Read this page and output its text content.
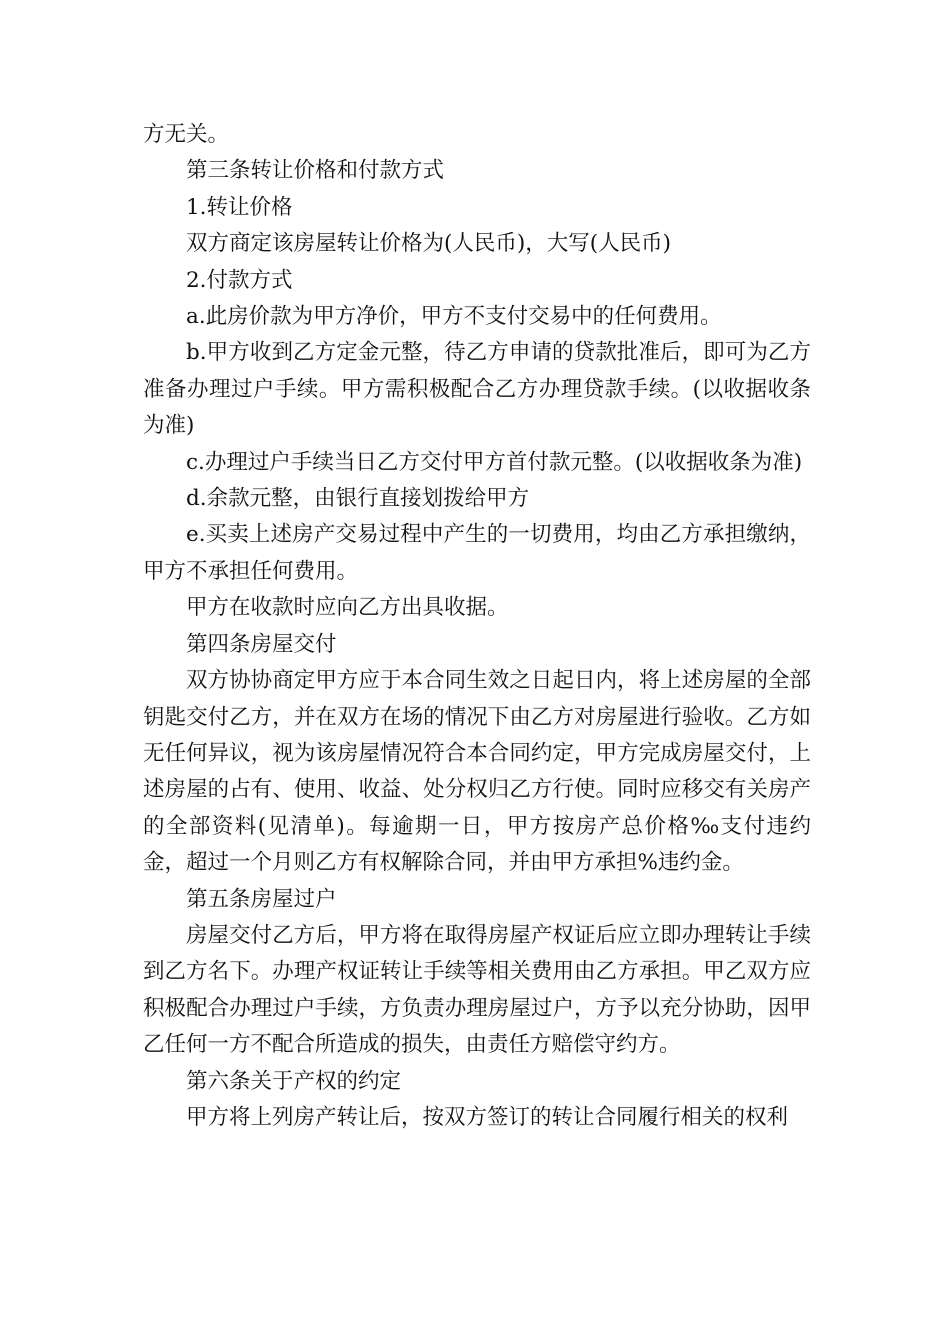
方无关。

第三条转让价格和付款方式

1.转让价格

双方商定该房屋转让价格为(人民币)，大写(人民币)

2.付款方式

a.此房价款为甲方净价，甲方不支付交易中的任何费用。

b.甲方收到乙方定金元整，待乙方申请的贷款批准后，即可为乙方准备办理过户手续。甲方需积极配合乙方办理贷款手续。(以收据收条为准)

c.办理过户手续当日乙方交付甲方首付款元整。(以收据收条为准)

d.余款元整，由银行直接划拨给甲方

e.买卖上述房产交易过程中产生的一切费用，均由乙方承担缴纳，甲方不承担任何费用。

甲方在收款时应向乙方出具收据。

第四条房屋交付

双方协协商定甲方应于本合同生效之日起日内，将上述房屋的全部钥匙交付乙方，并在双方在场的情况下由乙方对房屋进行验收。乙方如无任何异议，视为该房屋情况符合本合同约定，甲方完成房屋交付，上述房屋的占有、使用、收益、处分权归乙方行使。同时应移交有关房产的全部资料(见清单)。每逾期一日，甲方按房产总价格‰支付违约金，超过一个月则乙方有权解除合同，并由甲方承担%违约金。

第五条房屋过户

房屋交付乙方后，甲方将在取得房屋产权证后应立即办理转让手续到乙方名下。办理产权证转让手续等相关费用由乙方承担。甲乙双方应积极配合办理过户手续，方负责办理房屋过户，方予以充分协助，因甲乙任何一方不配合所造成的损失，由责任方赔偿守约方。

第六条关于产权的约定

甲方将上列房产转让后，按双方签订的转让合同履行相关的权利
